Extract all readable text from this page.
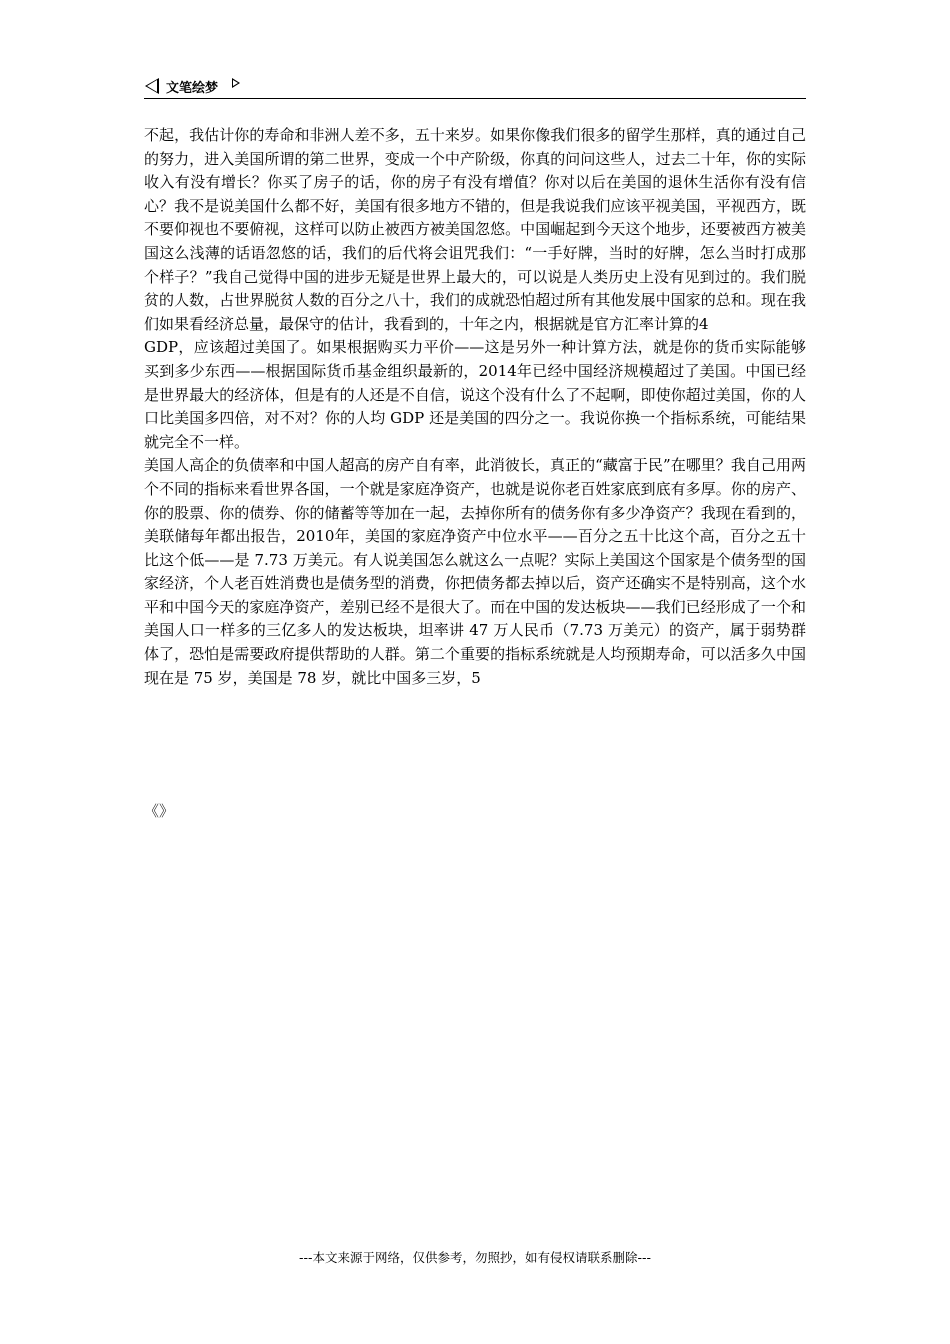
文笔绘梦

不起，我估计你的寿命和非洲人差不多，五十来岁。如果你像我们很多的留学生那样，真的通过自己的努力，进入美国所谓的第二世界，变成一个中产阶级，你真的问问这些人，过去二十年，你的实际收入有没有增长？你买了房子的话，你的房子有没有增值？你对以后在美国的退休生活你有没有信心？我不是说美国什么都不好，美国有很多地方不错的，但是我说我们应该平视美国，平视西方，既不要仰视也不要俯视，这样可以防止被西方被美国忽悠。中国崛起到今天这个地步，还要被西方被美国这么浅薄的话语忽悠的话，我们的后代将会诅咒我们：“一手好牌，当时的好牌，怎么当时打成那个样子？”我自己觉得中国的进步无疑是世界上最大的，可以说是人类历史上没有见到过的。我们脱贫的人数，占世界脱贫人数的百分之八十，我们的成就恐怕超过所有其他发展中国家的总和。现在我们如果看经济总量，最保守的估计，我看到的，十年之内，根据就是官方汇率计算的4

GDP，应该超过美国了。如果根据购买力平价——这是另外一种计算方法，就是你的货币实际能够买到多少东西——根据国际货币基金组织最新的，2014年已经中国经济规模超过了美国。中国已经是世界最大的经济体，但是有的人还是不自信，说这个没有什么了不起啊，即使你超过美国，你的人口比美国多四倍，对不对？你的人均 GDP 还是美国的四分之一。我说你换一个指标系统，可能结果就完全不一样。

美国人高企的负债率和中国人超高的房产自有率，此消彼长，真正的“藏富于民”在哪里？我自己用两个不同的指标来看世界各国，一个就是家庭净资产，也就是说你老百姓家底到底有多厚。你的房产、你的股票、你的债券、你的储蓄等等加在一起，去掉你所有的债务你有多少净资产？我现在看到的，美联储每年都出报告，2010年，美国的家庭净资产中位水平——百分之五十比这个高，百分之五十比这个低——是 7.73 万美元。有人说美国怎么就这么一点呢？实际上美国这个国家是个债务型的国家经济，个人老百姓消费也是债务型的消费，你把债务都去掉以后，资产还确实不是特别高，这个水平和中国今天的家庭净资产，差别已经不是很大了。而在中国的发达板块——我们已经形成了一个和美国人口一样多的三亿多人的发达板块，坦率讲 47 万人民币（7.73 万美元）的资产，属于弱势群体了，恐怕是需要政府提供帮助的人群。第二个重要的指标系统就是人均预期寿命，可以活多久中国现在是 75 岁，美国是 78 岁，就比中国多三岁，5

《》
---本文来源于网络，仅供参考，勿照抄，如有侵权请联系删除---
